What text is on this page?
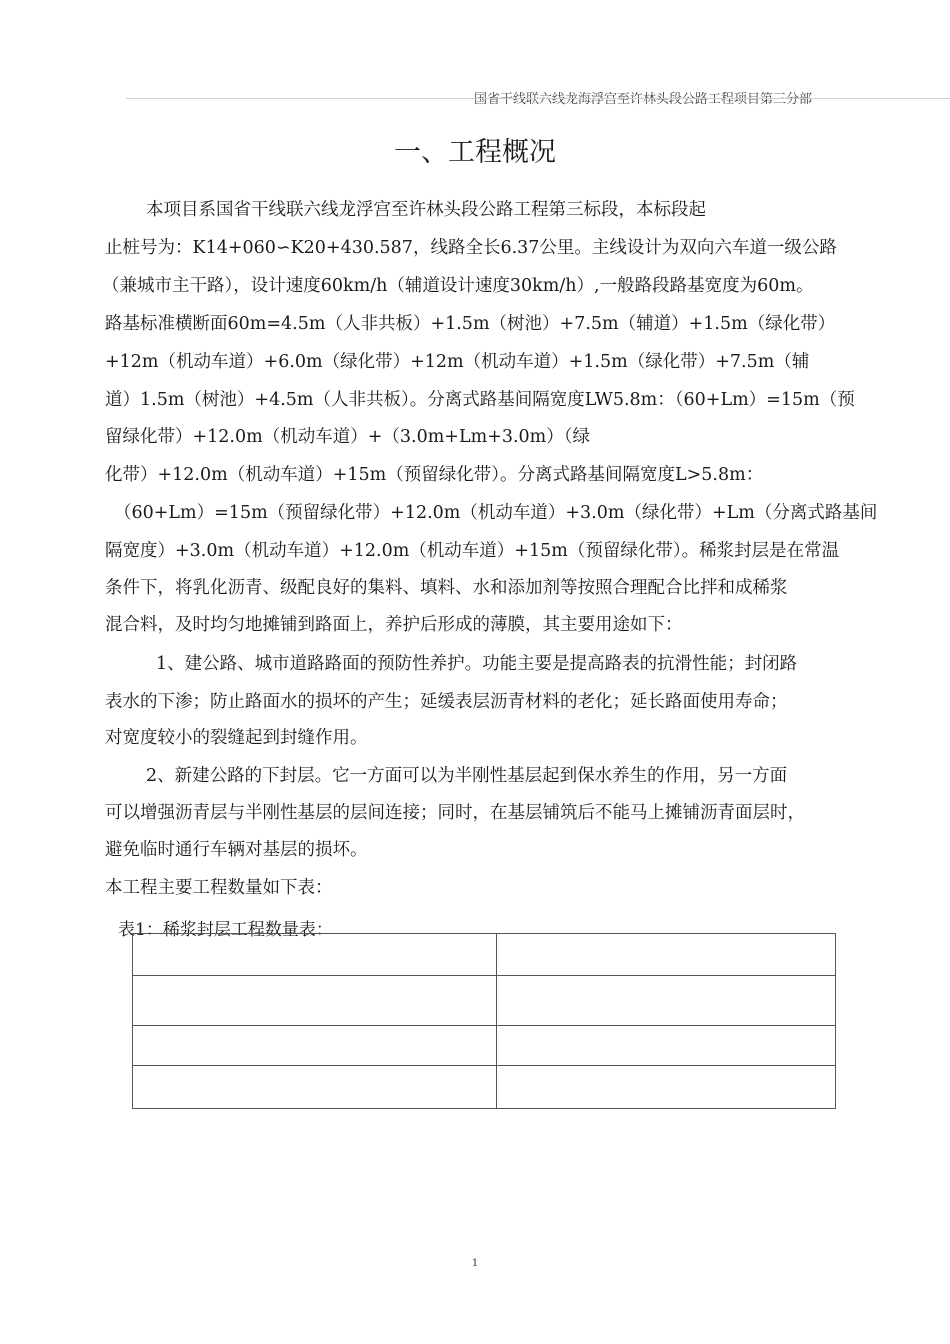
国省干线联六线龙海浮宫至许林头段公路工程项目第三分部
一、工程概况
本项目系国省干线联六线龙浮宫至许林头段公路工程第三标段，本标段起
止桩号为：K14+060∽K20+430.587，线路全长6.37公里。主线设计为双向六车道一级公路
（兼城市主干路），设计速度60km/h（辅道设计速度30km/h）,一般路段路基宽度为60m。
路基标准横断面60m=4.5m（人非共板）+1.5m（树池）+7.5m（辅道）+1.5m（绿化带）
+12m（机动车道）+6.0m（绿化带）+12m（机动车道）+1.5m（绿化带）+7.5m（辅
道）1.5m（树池）+4.5m（人非共板）。分离式路基间隔宽度LW5.8m：（60+Lm）=15m（预
留绿化带）+12.0m（机动车道）+（3.0m+Lm+3.0m）（绿
化带）+12.0m（机动车道）+15m（预留绿化带）。分离式路基间隔宽度L>5.8m：
（60+Lm）=15m（预留绿化带）+12.0m（机动车道）+3.0m（绿化带）+Lm（分离式路基间
隔宽度）+3.0m（机动车道）+12.0m（机动车道）+15m（预留绿化带）。稀浆封层是在常温
条件下，将乳化沥青、级配良好的集料、填料、水和添加剂等按照合理配合比拌和成稀浆
混合料，及时均匀地摊铺到路面上，养护后形成的薄膜，其主要用途如下：
1、建公路、城市道路路面的预防性养护。功能主要是提高路表的抗滑性能；封闭路
表水的下渗；防止路面水的损坏的产生；延缓表层沥青材料的老化；延长路面使用寿命；
对宽度较小的裂缝起到封缝作用。
2、新建公路的下封层。它一方面可以为半刚性基层起到保水养生的作用，另一方面
可以增强沥青层与半刚性基层的层间连接；同时，在基层铺筑后不能马上摊铺沥青面层时，
避免临时通行车辆对基层的损坏。
本工程主要工程数量如下表：
表1：稀浆封层工程数量表：

1
